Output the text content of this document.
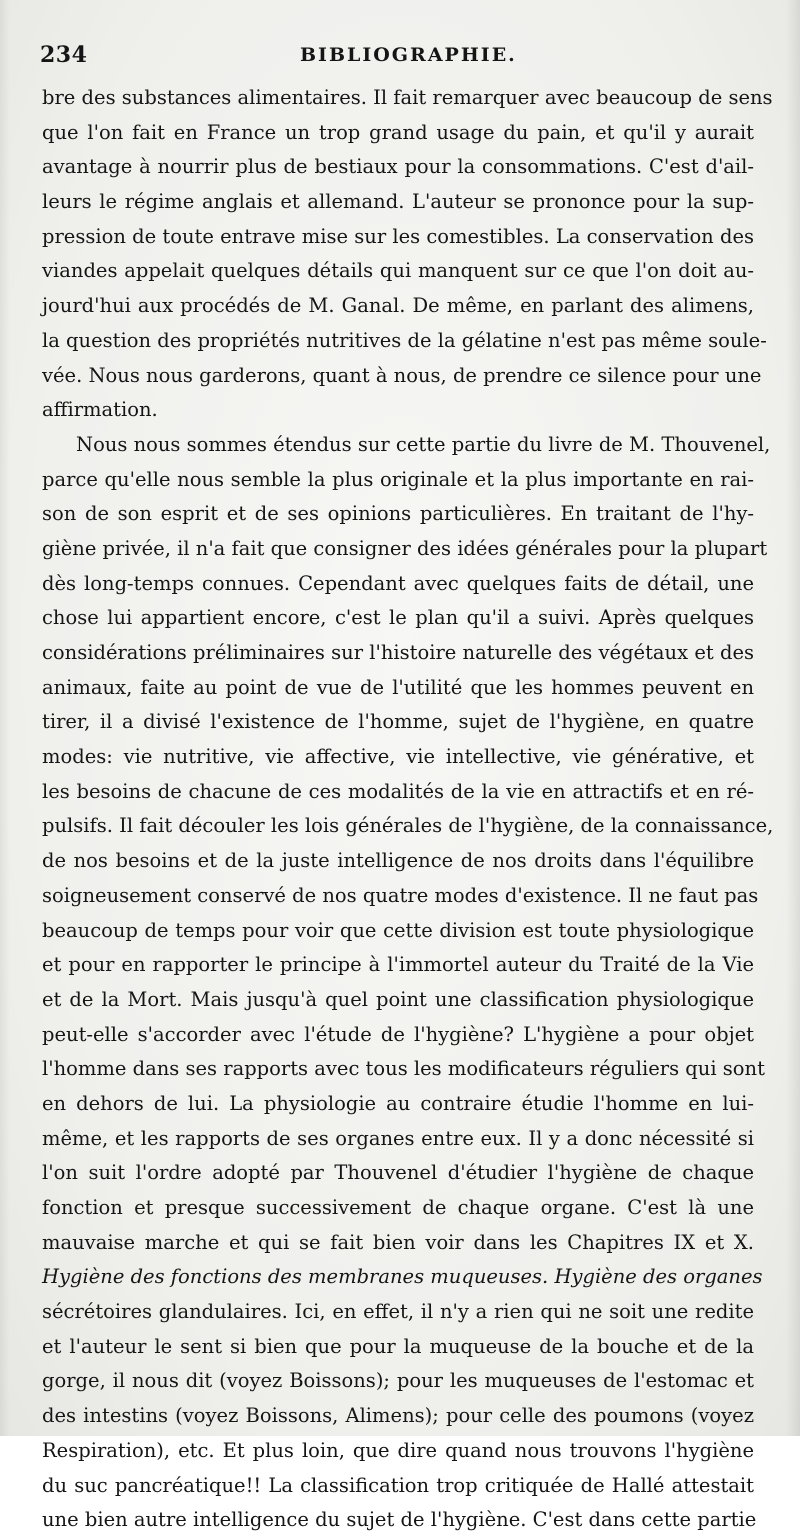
234	BIBLIOGRAPHIE.
bre des substances alimentaires. Il fait remarquer avec beaucoup de sens
que l'on fait en France un trop grand usage du pain, et qu'il y aurait
avantage à nourrir plus de bestiaux pour la consommations. C'est d'ail-
leurs le régime anglais et allemand. L'auteur se prononce pour la sup-
pression de toute entrave mise sur les comestibles. La conservation des
viandes appelait quelques détails qui manquent sur ce que l'on doit au-
jourd'hui aux procédés de M. Ganal. De même, en parlant des alimens,
la question des propriétés nutritives de la gélatine n'est pas même soule-
vée. Nous nous garderons, quant à nous, de prendre ce silence pour une
affirmation.
Nous nous sommes étendus sur cette partie du livre de M. Thouvenel,
parce qu'elle nous semble la plus originale et la plus importante en rai-
son de son esprit et de ses opinions particulières. En traitant de l'hy-
giène privée, il n'a fait que consigner des idées générales pour la plupart
dès long-temps connues. Cependant avec quelques faits de détail, une
chose lui appartient encore, c'est le plan qu'il a suivi. Après quelques
considérations préliminaires sur l'histoire naturelle des végétaux et des
animaux, faite au point de vue de l'utilité que les hommes peuvent en
tirer, il a divisé l'existence de l'homme, sujet de l'hygiène, en quatre
modes: vie nutritive, vie affective, vie intellective, vie générative, et
les besoins de chacune de ces modalités de la vie en attractifs et en ré-
pulsifs. Il fait découler les lois générales de l'hygiène, de la connaissance,
de nos besoins et de la juste intelligence de nos droits dans l'équilibre
soigneusement conservé de nos quatre modes d'existence. Il ne faut pas
beaucoup de temps pour voir que cette division est toute physiologique
et pour en rapporter le principe à l'immortel auteur du Traité de la Vie
et de la Mort. Mais jusqu'à quel point une classification physiologique
peut-elle s'accorder avec l'étude de l'hygiène? L'hygiène a pour objet
l'homme dans ses rapports avec tous les modificateurs réguliers qui sont
en dehors de lui. La physiologie au contraire étudie l'homme en lui-
même, et les rapports de ses organes entre eux. Il y a donc nécessité si
l'on suit l'ordre adopté par Thouvenel d'étudier l'hygiène de chaque
fonction et presque successivement de chaque organe. C'est là une
mauvaise marche et qui se fait bien voir dans les Chapitres IX et X.
Hygiène des fonctions des membranes muqueuses. Hygiène des organes
sécrétoires glandulaires. Ici, en effet, il n'y a rien qui ne soit une redite
et l'auteur le sent si bien que pour la muqueuse de la bouche et de la
gorge, il nous dit (voyez Boissons); pour les muqueuses de l'estomac et
des intestins (voyez Boissons, Alimens); pour celle des poumons (voyez
Respiration), etc. Et plus loin, que dire quand nous trouvons l'hygiène
du suc pancréatique!! La classification trop critiquée de Hallé attestait
une bien autre intelligence du sujet de l'hygiène. C'est dans cette partie
